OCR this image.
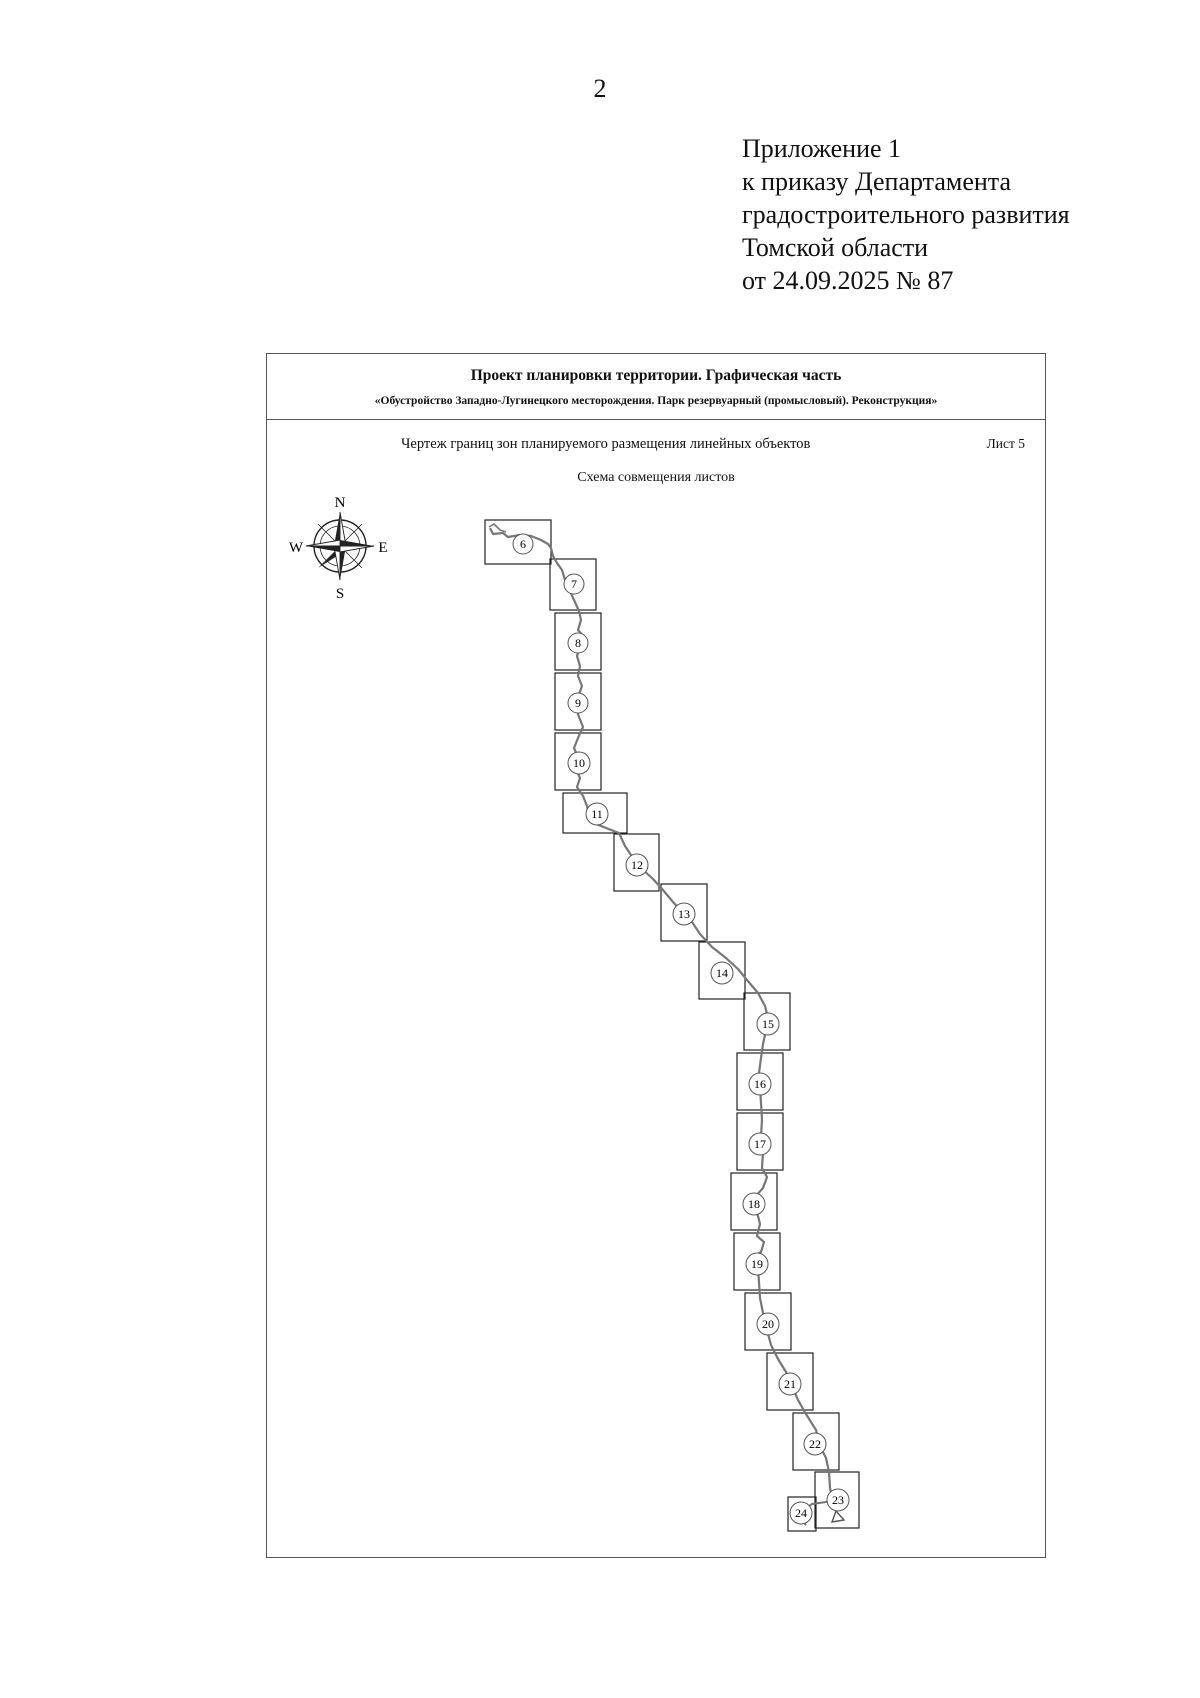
2
Приложение 1
к приказу Департамента
градостроительного развития
Томской области
от 24.09.2025 № 87
Проект планировки территории. Графическая часть
«Обустройство Западно-Лугинецкого месторождения. Парк резервуарный (промысловый). Реконструкция»
Чертеж границ зон планируемого размещения линейных объектов	Лист 5
Схема совмещения листов
N
S
E
W	6
7
8
9
10
11
12
13
14
15
16
17
18
19
20
21
22
23
24
